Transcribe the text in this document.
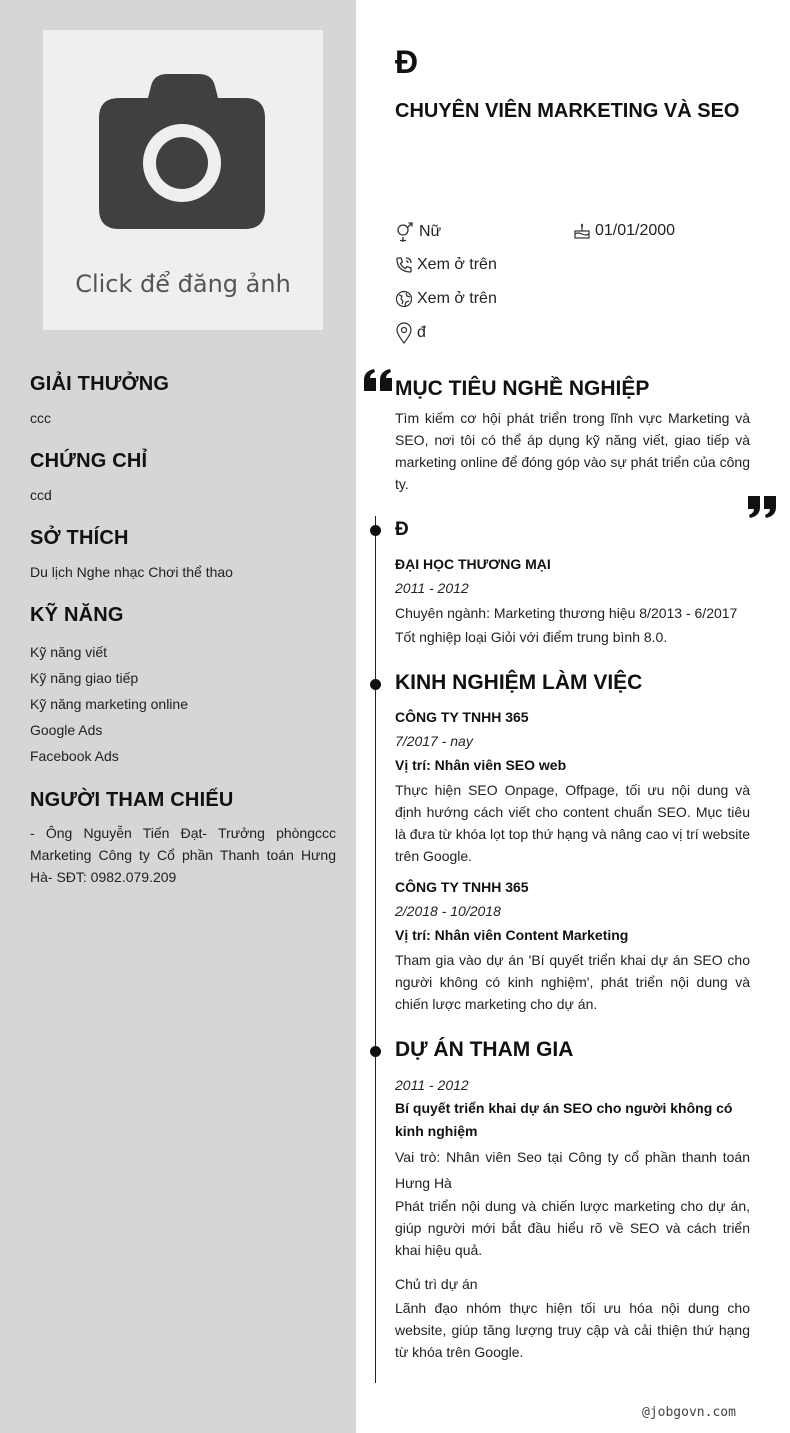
Click để đăng ảnh
GIẢI THƯỞNG
ccc
CHỨNG CHỈ
ccd
SỞ THÍCH
Du lịch Nghe nhạc Chơi thể thao
KỸ NĂNG
Kỹ năng viết
Kỹ năng giao tiếp
Kỹ năng marketing online
Google Ads
Facebook Ads
NGƯỜI THAM CHIẾU
- Ông Nguyễn Tiến Đạt- Trưởng phòngccc Marketing Công ty Cổ phần Thanh toán Hưng Hà- SĐT: 0982.079.209
Đ
CHUYÊN VIÊN MARKETING VÀ SEO
Nữ	01/01/2000
Xem ở trên
Xem ở trên
đ
MỤC TIÊU NGHỀ NGHIỆP
Tìm kiếm cơ hội phát triển trong lĩnh vực Marketing và SEO, nơi tôi có thể áp dụng kỹ năng viết, giao tiếp và marketing online để đóng góp vào sự phát triển của công ty.
Đ
ĐẠI HỌC THƯƠNG MẠI
2011 - 2012
Chuyên ngành: Marketing thương hiệu 8/2013 - 6/2017
Tốt nghiệp loại Giỏi với điểm trung bình 8.0.
KINH NGHIỆM LÀM VIỆC
CÔNG TY TNHH 365
7/2017 - nay
Vị trí: Nhân viên SEO web
Thực hiện SEO Onpage, Offpage, tối ưu nội dung và định hướng cách viết cho content chuẩn SEO. Mục tiêu là đưa từ khóa lọt top thứ hạng và nâng cao vị trí website trên Google.
CÔNG TY TNHH 365
2/2018 - 10/2018
Vị trí: Nhân viên Content Marketing
Tham gia vào dự án 'Bí quyết triển khai dự án SEO cho người không có kinh nghiệm', phát triển nội dung và chiến lược marketing cho dự án.
DỰ ÁN THAM GIA
2011 - 2012
Bí quyết triển khai dự án SEO cho người không có kinh nghiệm
Vai trò: Nhân viên Seo tại Công ty cổ phần thanh toán Hưng Hà
Phát triển nội dung và chiến lược marketing cho dự án, giúp người mới bắt đầu hiểu rõ về SEO và cách triển khai hiệu quả.
Chủ trì dự án
Lãnh đạo nhóm thực hiện tối ưu hóa nội dung cho website, giúp tăng lượng truy cập và cải thiện thứ hạng từ khóa trên Google.
@jobgovn.com
